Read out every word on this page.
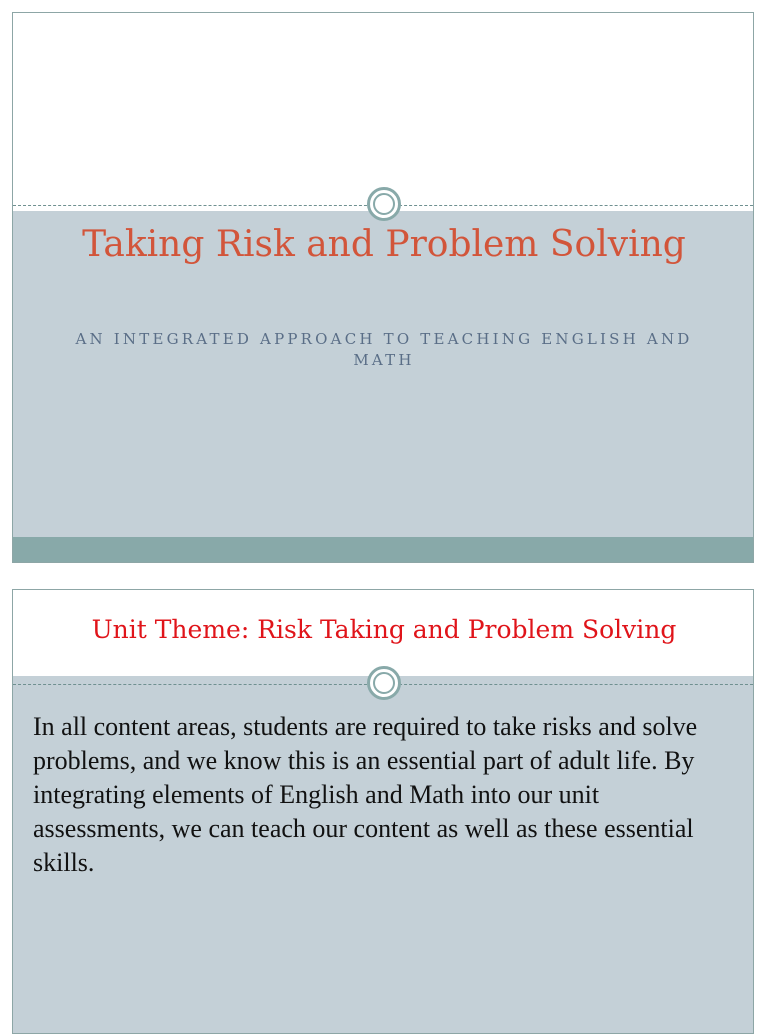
Taking Risk and Problem Solving

AN INTEGRATED APPROACH TO TEACHING ENGLISH AND MATH

Unit Theme: Risk Taking and Problem Solving

In all content areas, students are required to take risks and solve problems, and we know this is an essential part of adult life. By integrating elements of English and Math into our unit assessments, we can teach our content as well as these essential skills.
